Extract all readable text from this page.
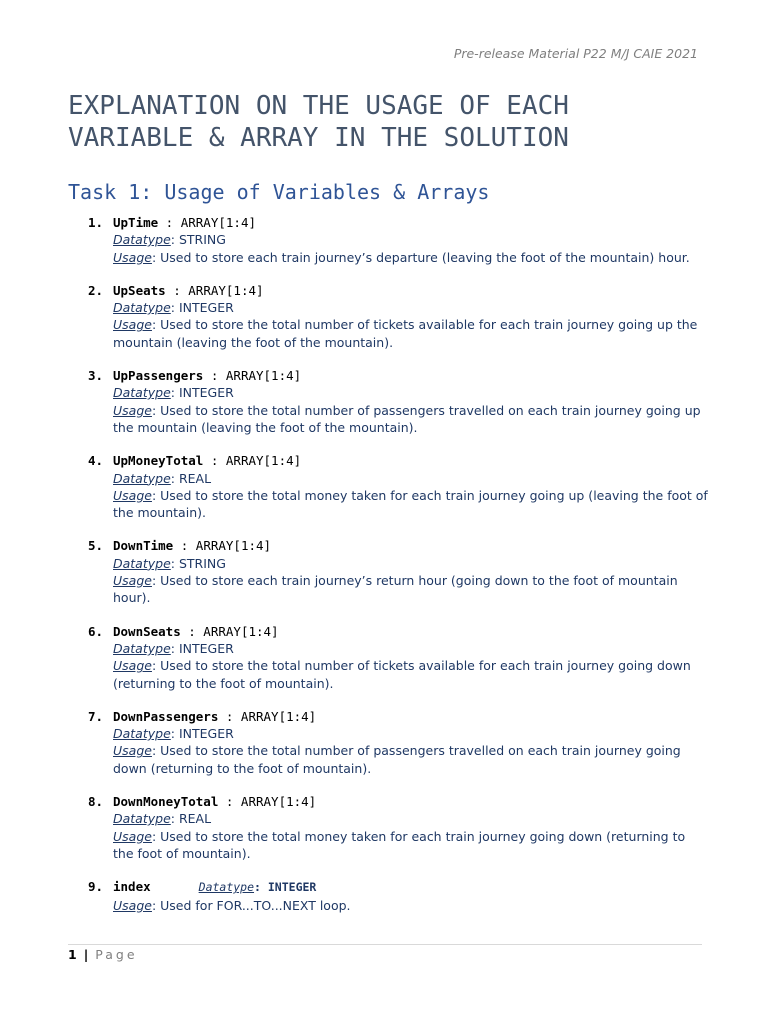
Pre-release Material P22 M/J CAIE 2021
EXPLANATION ON THE USAGE OF EACH
VARIABLE & ARRAY IN THE SOLUTION
Task 1: Usage of Variables & Arrays
1. UpTime : ARRAY[1:4]
Datatype: STRING
Usage: Used to store each train journey’s departure (leaving the foot of the mountain) hour.
2. UpSeats : ARRAY[1:4]
Datatype: INTEGER
Usage: Used to store the total number of tickets available for each train journey going up the mountain (leaving the foot of the mountain).
3. UpPassengers : ARRAY[1:4]
Datatype: INTEGER
Usage: Used to store the total number of passengers travelled on each train journey going up the mountain (leaving the foot of the mountain).
4. UpMoneyTotal : ARRAY[1:4]
Datatype: REAL
Usage: Used to store the total money taken for each train journey going up (leaving the foot of the mountain).
5. DownTime : ARRAY[1:4]
Datatype: STRING
Usage: Used to store each train journey’s return hour (going down to the foot of mountain hour).
6. DownSeats : ARRAY[1:4]
Datatype: INTEGER
Usage: Used to store the total number of tickets available for each train journey going down (returning to the foot of mountain).
7. DownPassengers : ARRAY[1:4]
Datatype: INTEGER
Usage: Used to store the total number of passengers travelled on each train journey going down (returning to the foot of mountain).
8. DownMoneyTotal : ARRAY[1:4]
Datatype: REAL
Usage: Used to store the total money taken for each train journey going down (returning to the foot of mountain).
9. index	Datatype: INTEGER
Usage: Used for FOR...TO...NEXT loop.
1 | Page
